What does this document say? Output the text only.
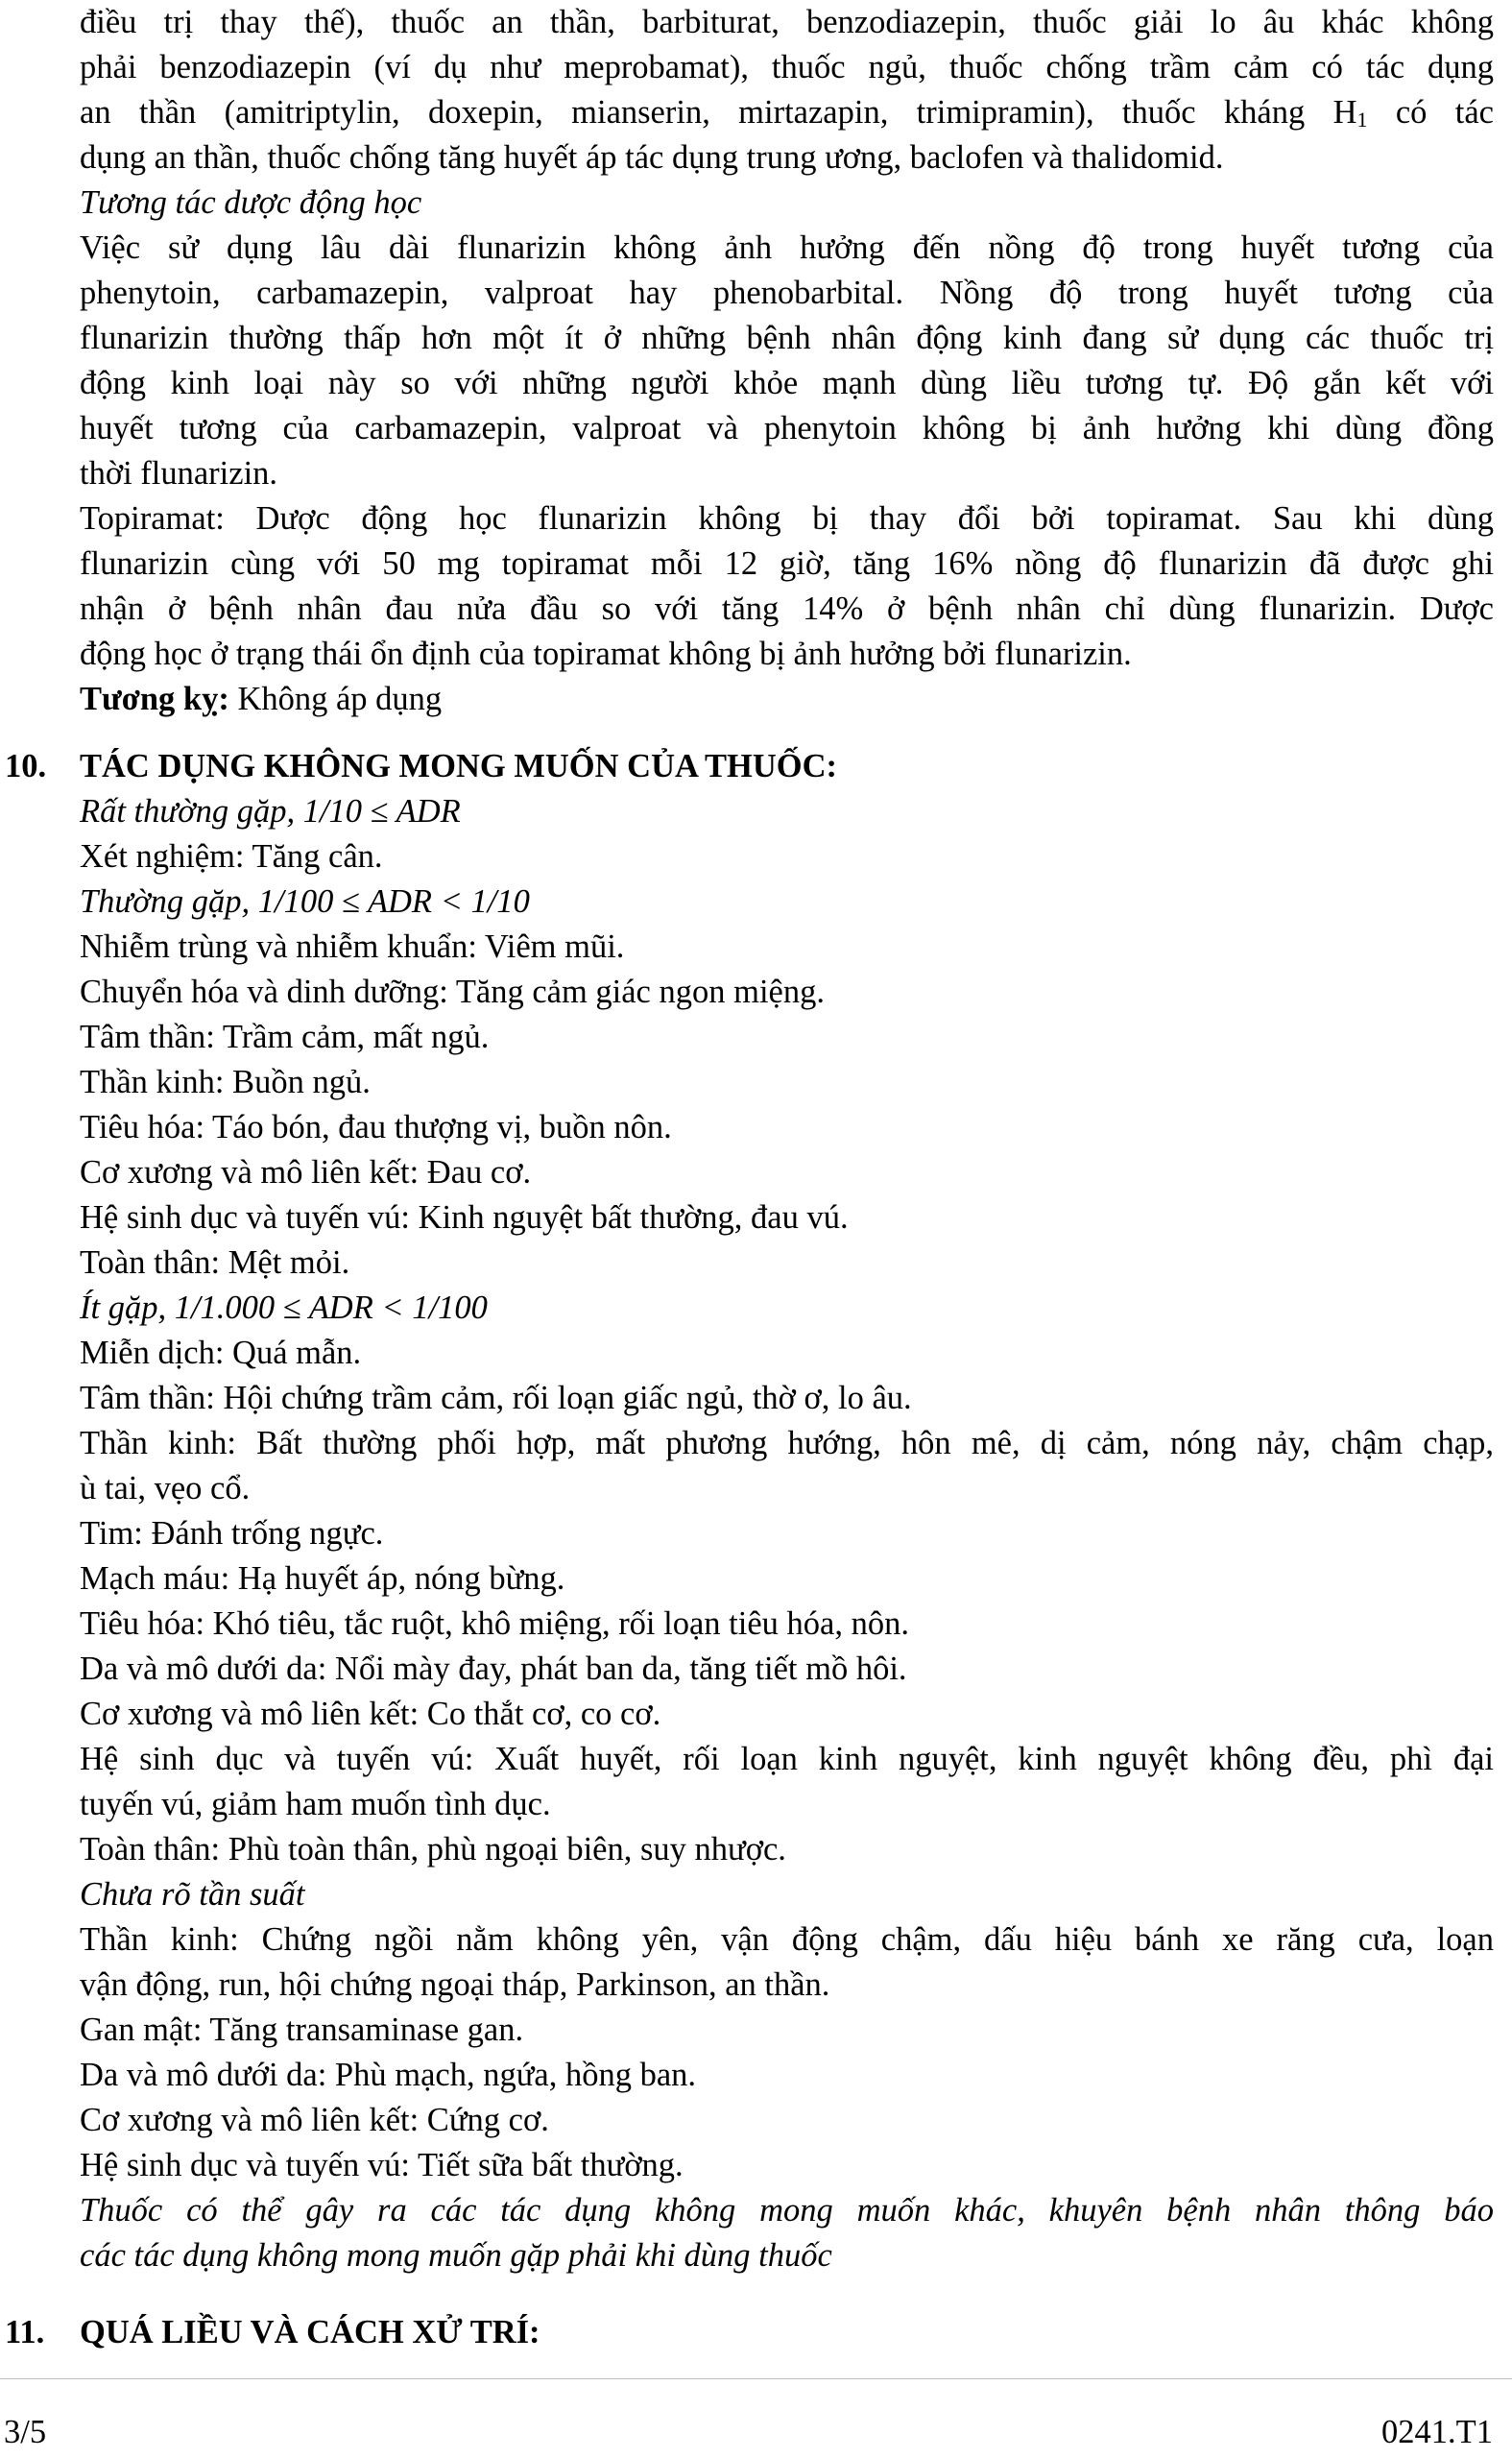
điều trị thay thế), thuốc an thần, barbiturat, benzodiazepin, thuốc giải lo âu khác không
phải benzodiazepin (ví dụ như meprobamat), thuốc ngủ, thuốc chống trầm cảm có tác dụng
an thần (amitriptylin, doxepin, mianserin, mirtazapin, trimipramin), thuốc kháng $H_1$ có tác
dụng an thần, thuốc chống tăng huyết áp tác dụng trung ương, baclofen và thalidomid.
Tương tác dược động học
Việc sử dụng lâu dài flunarizin không ảnh hưởng đến nồng độ trong huyết tương của
phenytoin, carbamazepin, valproat hay phenobarbital. Nồng độ trong huyết tương của
flunarizin thường thấp hơn một ít ở những bệnh nhân động kinh đang sử dụng các thuốc trị
động kinh loại này so với những người khỏe mạnh dùng liều tương tự. Độ gắn kết với
huyết tương của carbamazepin, valproat và phenytoin không bị ảnh hưởng khi dùng đồng
thời flunarizin.
Topiramat: Dược động học flunarizin không bị thay đổi bởi topiramat. Sau khi dùng
flunarizin cùng với 50 mg topiramat mỗi 12 giờ, tăng 16% nồng độ flunarizin đã được ghi
nhận ở bệnh nhân đau nửa đầu so với tăng 14% ở bệnh nhân chỉ dùng flunarizin. Dược
động học ở trạng thái ổn định của topiramat không bị ảnh hưởng bởi flunarizin.
Tương kỵ: Không áp dụng
Rất thường gặp, 1/10 ≤ ADR
Xét nghiệm: Tăng cân.
Thường gặp, 1/100 ≤ ADR < 1/10
Nhiễm trùng và nhiễm khuẩn: Viêm mũi.
Chuyển hóa và dinh dưỡng: Tăng cảm giác ngon miệng.
Tâm thần: Trầm cảm, mất ngủ.
Thần kinh: Buồn ngủ.
Tiêu hóa: Táo bón, đau thượng vị, buồn nôn.
Cơ xương và mô liên kết: Đau cơ.
Hệ sinh dục và tuyến vú: Kinh nguyệt bất thường, đau vú.
Toàn thân: Mệt mỏi.
Ít gặp, 1/1.000 ≤ ADR < 1/100
Miễn dịch: Quá mẫn.
Tâm thần: Hội chứng trầm cảm, rối loạn giấc ngủ, thờ ơ, lo âu.
Thần kinh: Bất thường phối hợp, mất phương hướng, hôn mê, dị cảm, nóng nảy, chậm chạp,
ù tai, vẹo cổ.
Tim: Đánh trống ngực.
Mạch máu: Hạ huyết áp, nóng bừng.
Tiêu hóa: Khó tiêu, tắc ruột, khô miệng, rối loạn tiêu hóa, nôn.
Da và mô dưới da: Nổi mày đay, phát ban da, tăng tiết mồ hôi.
Cơ xương và mô liên kết: Co thắt cơ, co cơ.
Hệ sinh dục và tuyến vú: Xuất huyết, rối loạn kinh nguyệt, kinh nguyệt không đều, phì đại
tuyến vú, giảm ham muốn tình dục.
Toàn thân: Phù toàn thân, phù ngoại biên, suy nhược.
Chưa rõ tần suất
Thần kinh: Chứng ngồi nằm không yên, vận động chậm, dấu hiệu bánh xe răng cưa, loạn
vận động, run, hội chứng ngoại tháp, Parkinson, an thần.
Gan mật: Tăng transaminase gan.
Da và mô dưới da: Phù mạch, ngứa, hồng ban.
Cơ xương và mô liên kết: Cứng cơ.
Hệ sinh dục và tuyến vú: Tiết sữa bất thường.
Thuốc có thể gây ra các tác dụng không mong muốn khác, khuyên bệnh nhân thông báo
các tác dụng không mong muốn gặp phải khi dùng thuốc
10. TÁC DỤNG KHÔNG MONG MUỐN CỦA THUỐC:
11. QUÁ LIỀU VÀ CÁCH XỬ TRÍ:
3/5	0241.T1
